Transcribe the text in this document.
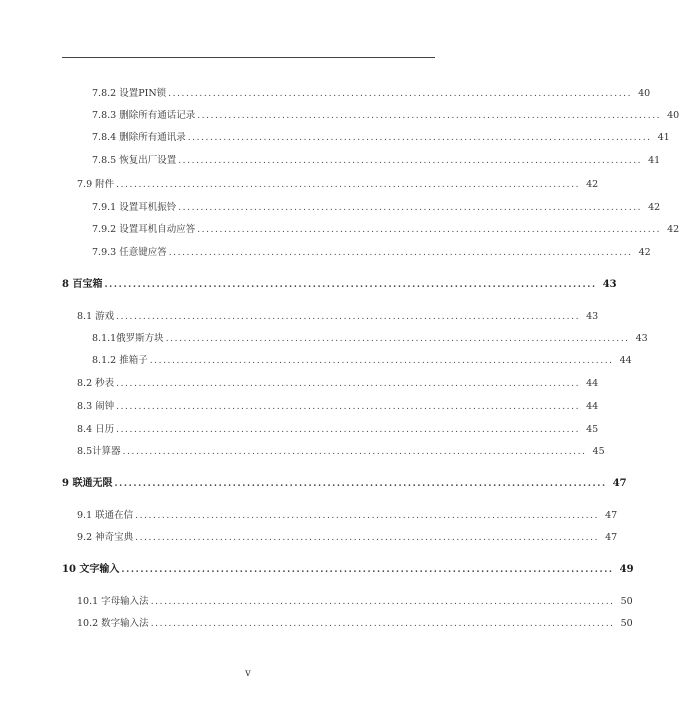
7.8.2 设置PIN锁 ........................................................................................................ 40
7.8.3 删除所有通话记录 ........................................................................................................ 40
7.8.4 删除所有通讯录 ........................................................................................................ 41
7.8.5 恢复出厂设置 ........................................................................................................ 41
7.9 附件 ........................................................................................................ 42
7.9.1 设置耳机振铃 ........................................................................................................ 42
7.9.2 设置耳机自动应答 ........................................................................................................ 42
7.9.3 任意键应答 ........................................................................................................ 42
8 百宝箱 ........................................................................................................ 43
8.1 游戏 ........................................................................................................ 43
8.1.1俄罗斯方块 ........................................................................................................ 43
8.1.2 推箱子 ........................................................................................................ 44
8.2 秒表 ........................................................................................................ 44
8.3 闹钟 ........................................................................................................ 44
8.4 日历 ........................................................................................................ 45
8.5计算器 ........................................................................................................ 45
9 联通无限 ........................................................................................................ 47
9.1 联通在信 ........................................................................................................ 47
9.2 神奇宝典 ........................................................................................................ 47
10 文字输入 ........................................................................................................ 49
10.1 字母输入法 ........................................................................................................ 50
10.2 数字输入法 ........................................................................................................ 50
v
